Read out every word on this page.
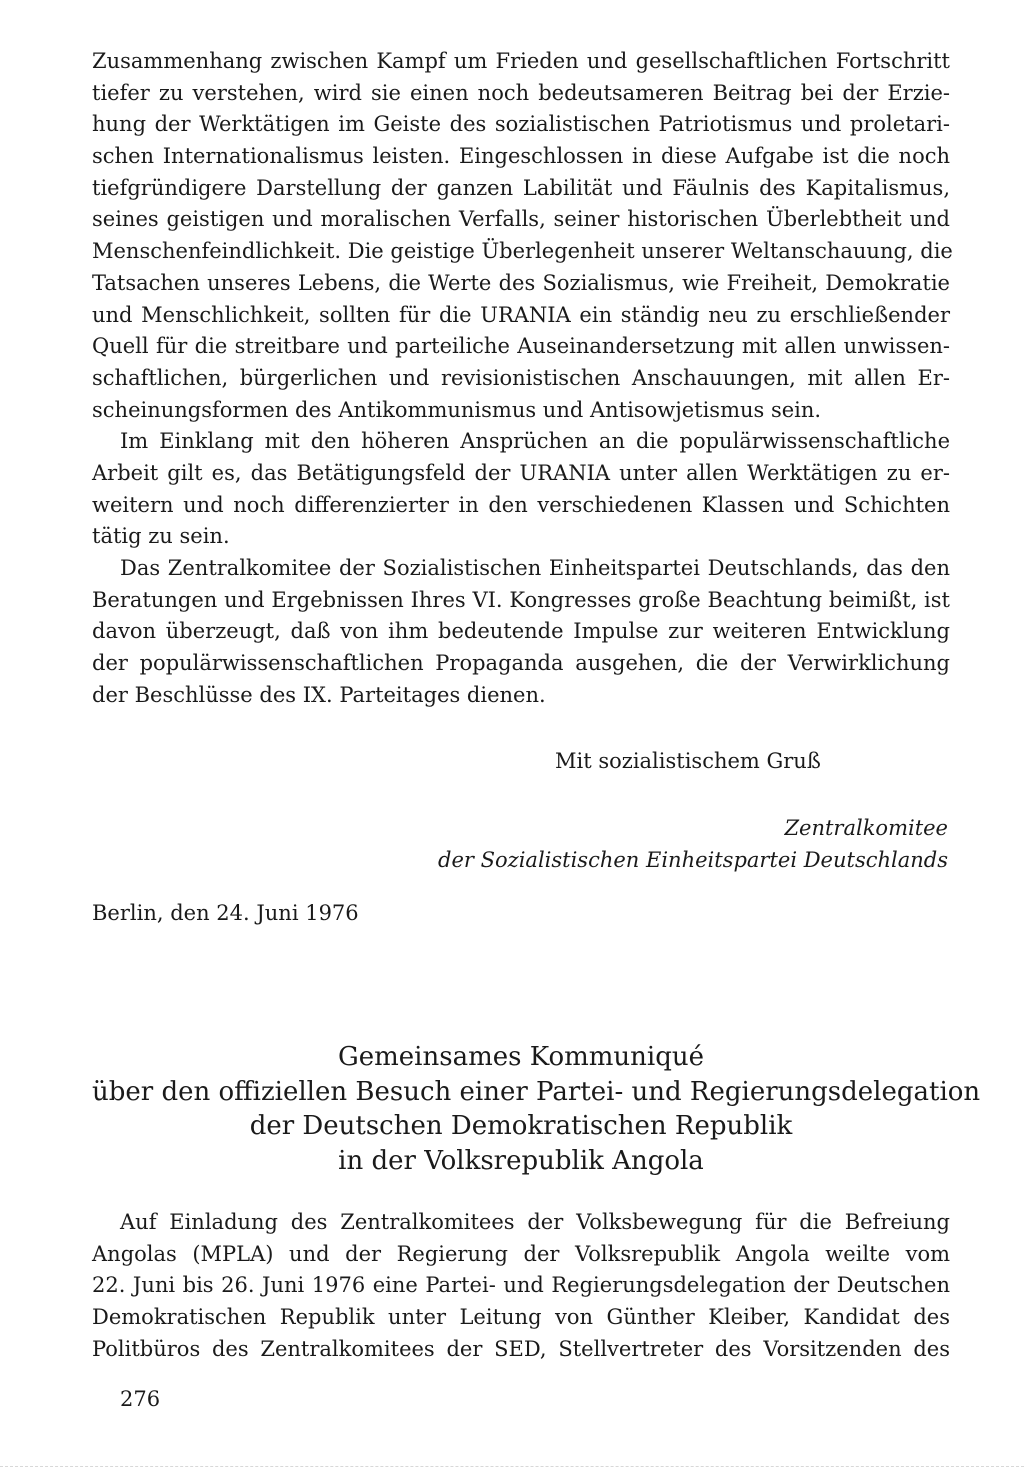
Zusammenhang zwischen Kampf um Frieden und gesellschaftlichen Fortschritt
tiefer zu verstehen, wird sie einen noch bedeutsameren Beitrag bei der Erzie-
hung der Werktätigen im Geiste des sozialistischen Patriotismus und proletari-
schen Internationalismus leisten. Eingeschlossen in diese Aufgabe ist die noch
tiefgründigere Darstellung der ganzen Labilität und Fäulnis des Kapitalismus,
seines geistigen und moralischen Verfalls, seiner historischen Überlebtheit und
Menschenfeindlichkeit. Die geistige Überlegenheit unserer Weltanschauung, die
Tatsachen unseres Lebens, die Werte des Sozialismus, wie Freiheit, Demokratie
und Menschlichkeit, sollten für die URANIA ein ständig neu zu erschließender
Quell für die streitbare und parteiliche Auseinandersetzung mit allen unwissen-
schaftlichen, bürgerlichen und revisionistischen Anschauungen, mit allen Er-
scheinungsformen des Antikommunismus und Antisowjetismus sein.
Im Einklang mit den höheren Ansprüchen an die populärwissenschaftliche
Arbeit gilt es, das Betätigungsfeld der URANIA unter allen Werktätigen zu er-
weitern und noch differenzierter in den verschiedenen Klassen und Schichten
tätig zu sein.
Das Zentralkomitee der Sozialistischen Einheitspartei Deutschlands, das den
Beratungen und Ergebnissen Ihres VI. Kongresses große Beachtung beimißt, ist
davon überzeugt, daß von ihm bedeutende Impulse zur weiteren Entwicklung
der populärwissenschaftlichen Propaganda ausgehen, die der Verwirklichung
der Beschlüsse des IX. Parteitages dienen.
Mit sozialistischem Gruß
Zentralkomitee
der Sozialistischen Einheitspartei Deutschlands
Berlin, den 24. Juni 1976
Gemeinsames Kommuniqué
über den offiziellen Besuch einer Partei- und Regierungsdelegation
der Deutschen Demokratischen Republik
in der Volksrepublik Angola
Auf Einladung des Zentralkomitees der Volksbewegung für die Befreiung
Angolas (MPLA) und der Regierung der Volksrepublik Angola weilte vom
22. Juni bis 26. Juni 1976 eine Partei- und Regierungsdelegation der Deutschen
Demokratischen Republik unter Leitung von Günther Kleiber, Kandidat des
Politbüros des Zentralkomitees der SED, Stellvertreter des Vorsitzenden des
276
